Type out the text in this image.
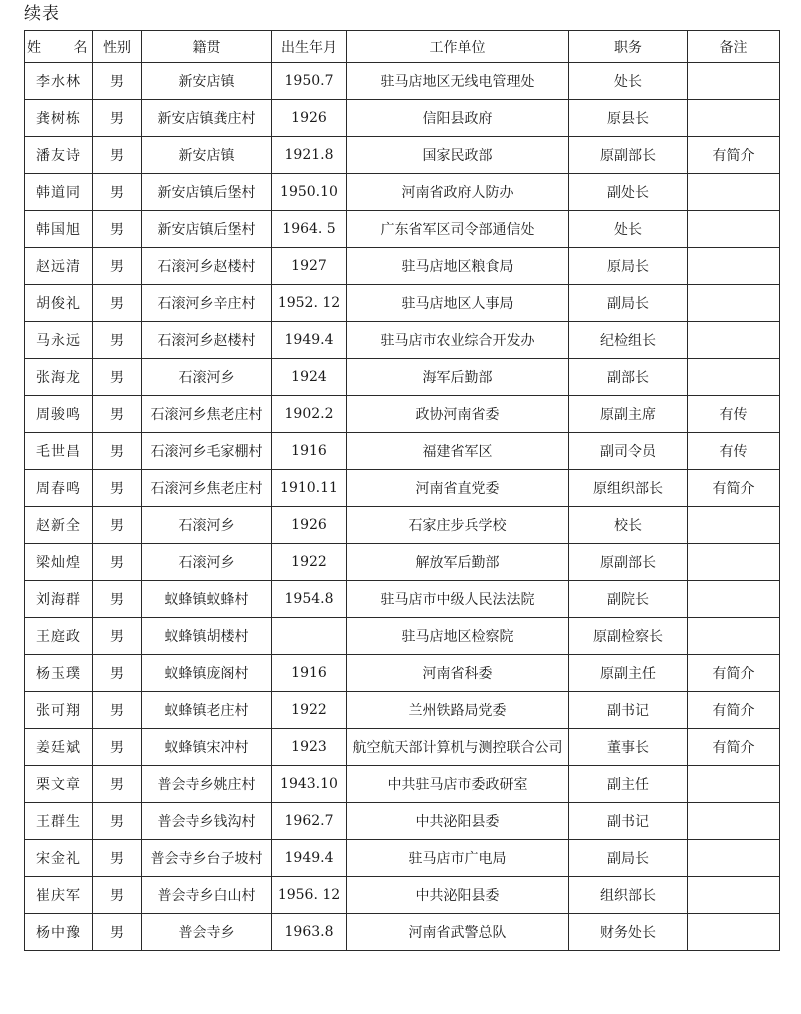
续表
姓 名	性别	籍贯	出生年月	工作单位	职务	备注
李水林	男	新安店镇	1950.7	驻马店地区无线电管理处	处长	
龚树栋	男	新安店镇龚庄村	1926	信阳县政府	原县长	
潘友诗	男	新安店镇	1921.8	国家民政部	原副部长	有简介
韩道同	男	新安店镇后堡村	1950.10	河南省政府人防办	副处长	
韩国旭	男	新安店镇后堡村	1964. 5	广东省军区司令部通信处	处长	
赵远清	男	石滚河乡赵楼村	1927	驻马店地区粮食局	原局长	
胡俊礼	男	石滚河乡辛庄村	1952. 12	驻马店地区人事局	副局长	
马永远	男	石滚河乡赵楼村	1949.4	驻马店市农业综合开发办	纪检组长	
张海龙	男	石滚河乡	1924	海军后勤部	副部长	
周骏鸣	男	石滚河乡焦老庄村	1902.2	政协河南省委	原副主席	有传
毛世昌	男	石滚河乡毛家棚村	1916	福建省军区	副司令员	有传
周春鸣	男	石滚河乡焦老庄村	1910.11	河南省直党委	原组织部长	有简介
赵新全	男	石滚河乡	1926	石家庄步兵学校	校长	
梁灿煌	男	石滚河乡	1922	解放军后勤部	原副部长	
刘海群	男	蚁蜂镇蚁蜂村	1954.8	驻马店市中级人民法法院	副院长	
王庭政	男	蚁蜂镇胡楼村		驻马店地区检察院	原副检察长	
杨玉璞	男	蚁蜂镇庞阁村	1916	河南省科委	原副主任	有简介
张可翔	男	蚁蜂镇老庄村	1922	兰州铁路局党委	副书记	有简介
姜廷斌	男	蚁蜂镇宋冲村	1923	航空航天部计算机与测控联合公司	董事长	有简介
栗文章	男	普会寺乡姚庄村	1943.10	中共驻马店市委政研室	副主任	
王群生	男	普会寺乡钱沟村	1962.7	中共泌阳县委	副书记	
宋金礼	男	普会寺乡台子坡村	1949.4	驻马店市广电局	副局长	
崔庆军	男	普会寺乡白山村	1956. 12	中共泌阳县委	组织部长	
杨中豫	男	普会寺乡	1963.8	河南省武警总队	财务处长	
